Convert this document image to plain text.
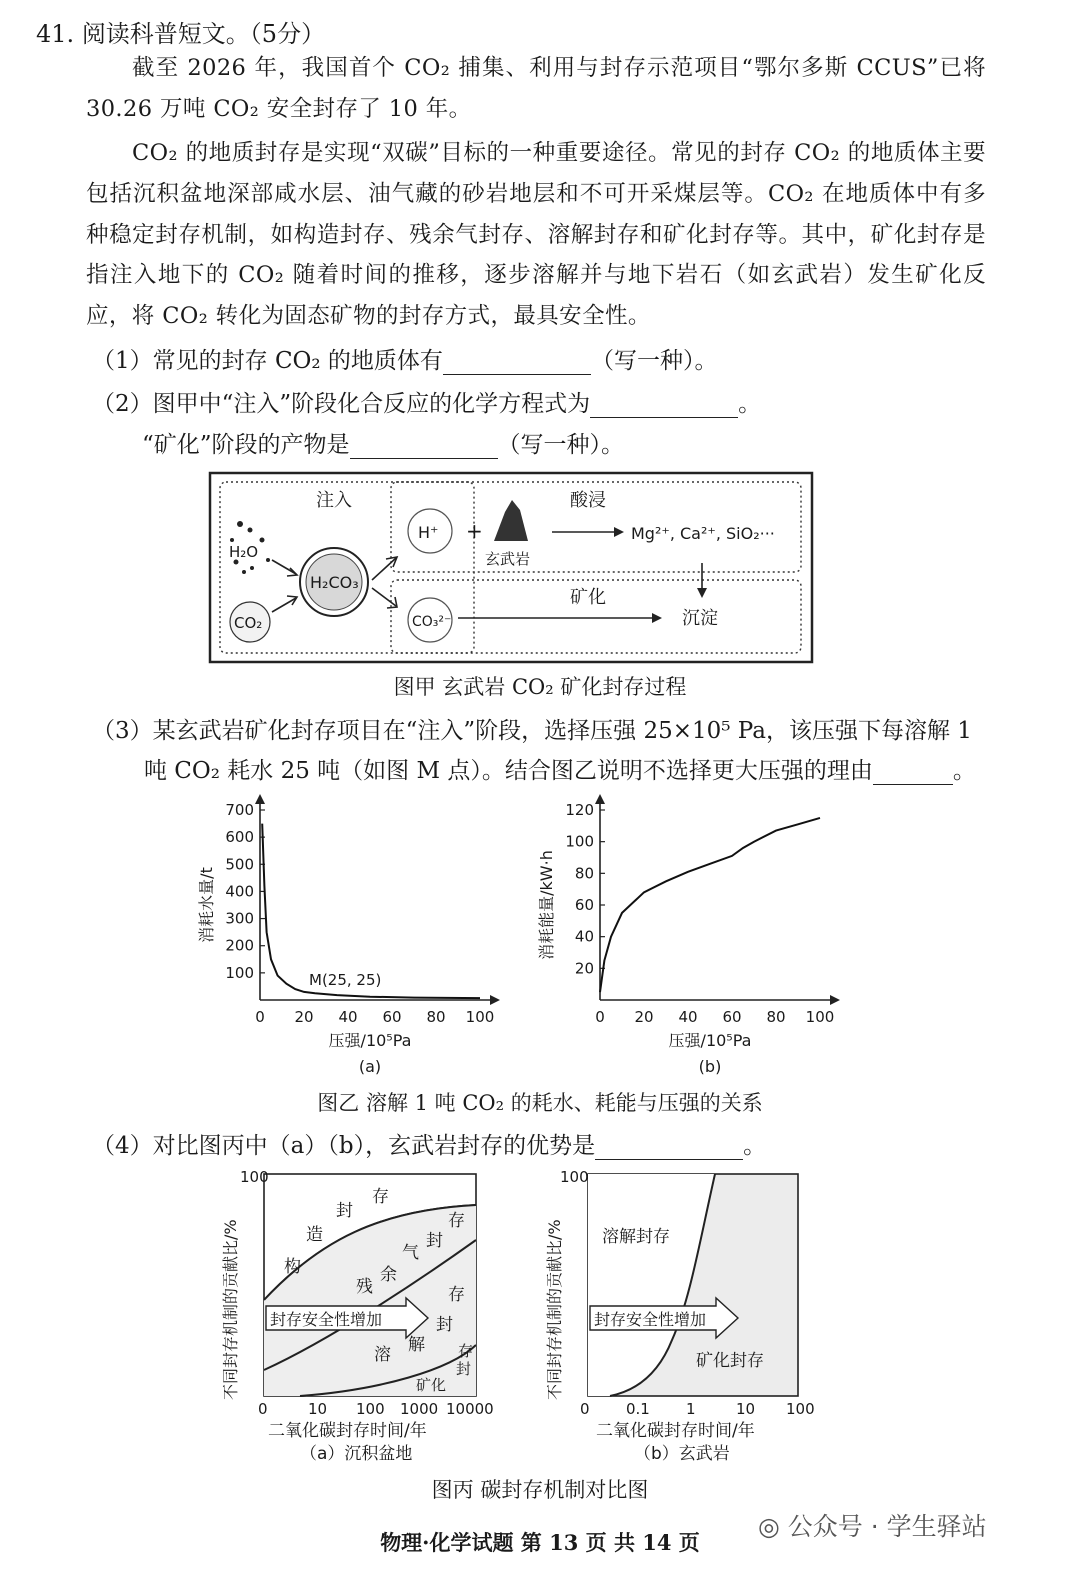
41. 阅读科普短文。（5分）
截至 2026 年，我国首个 CO₂ 捕集、利用与封存示范项目“鄂尔多斯 CCUS”已将 30.26 万吨 CO₂ 安全封存了 10 年。
CO₂ 的地质封存是实现“双碳”目标的一种重要途径。常见的封存 CO₂ 的地质体主要包括沉积盆地深部咸水层、油气藏的砂岩地层和不可开采煤层等。CO₂ 在地质体中有多种稳定封存机制，如构造封存、残余气封存、溶解封存和矿化封存等。其中，矿化封存是指注入地下的 CO₂ 随着时间的推移，逐步溶解并与地下岩石（如玄武岩）发生矿化反应，将 CO₂ 转化为固态矿物的封存方式，最具安全性。
（1）常见的封存 CO₂ 的地质体有	（写一种）。
（2）图甲中“注入”阶段化合反应的化学方程式为	。
“矿化”阶段的产物是	（写一种）。
注入	酸浸
矿化
H₂O
CO₂
H₂CO₃
H⁺ +
玄武岩
Mg²⁺, Ca²⁺, SiO₂···
CO₃²⁻	沉淀
图甲 玄武岩 CO₂ 矿化封存过程
（3）某玄武岩矿化封存项目在“注入”阶段，选择压强 25×10⁵ Pa，该压强下每溶解 1
吨 CO₂ 耗水 25 吨（如图 M 点）。结合图乙说明不选择更大压强的理由	。
0 20 40 60 80 100
100
200
300
400
500
600
700
压强/10⁵Pa
(a)
消耗水量/t
M(25, 25)
0 20 40 60 80 100
20
40
60
80
100
120
压强/10⁵Pa
(b)
消耗能量/kW·h
图乙 溶解 1 吨 CO₂ 的耗水、耗能与压强的关系
（4）对比图丙中（a）（b），玄武岩封存的优势是	。
构
造
封
存
残
余
气
封
存
溶 解
封
存
矿化
存
封
封存安全性增加
100
0	10 100 1000 10000
二氧化碳封存时间/年
（a）沉积盆地
不同封存机制的贡献比/%	溶解封存
矿化封存
封存安全性增加
100
0 0.1 1	10 100
二氧化碳封存时间/年
（b）玄武岩
不同封存机制的贡献比/%
图丙 碳封存机制对比图
物理·化学试题 第 13 页 共 14 页
◎ 公众号 · 学生驿站
